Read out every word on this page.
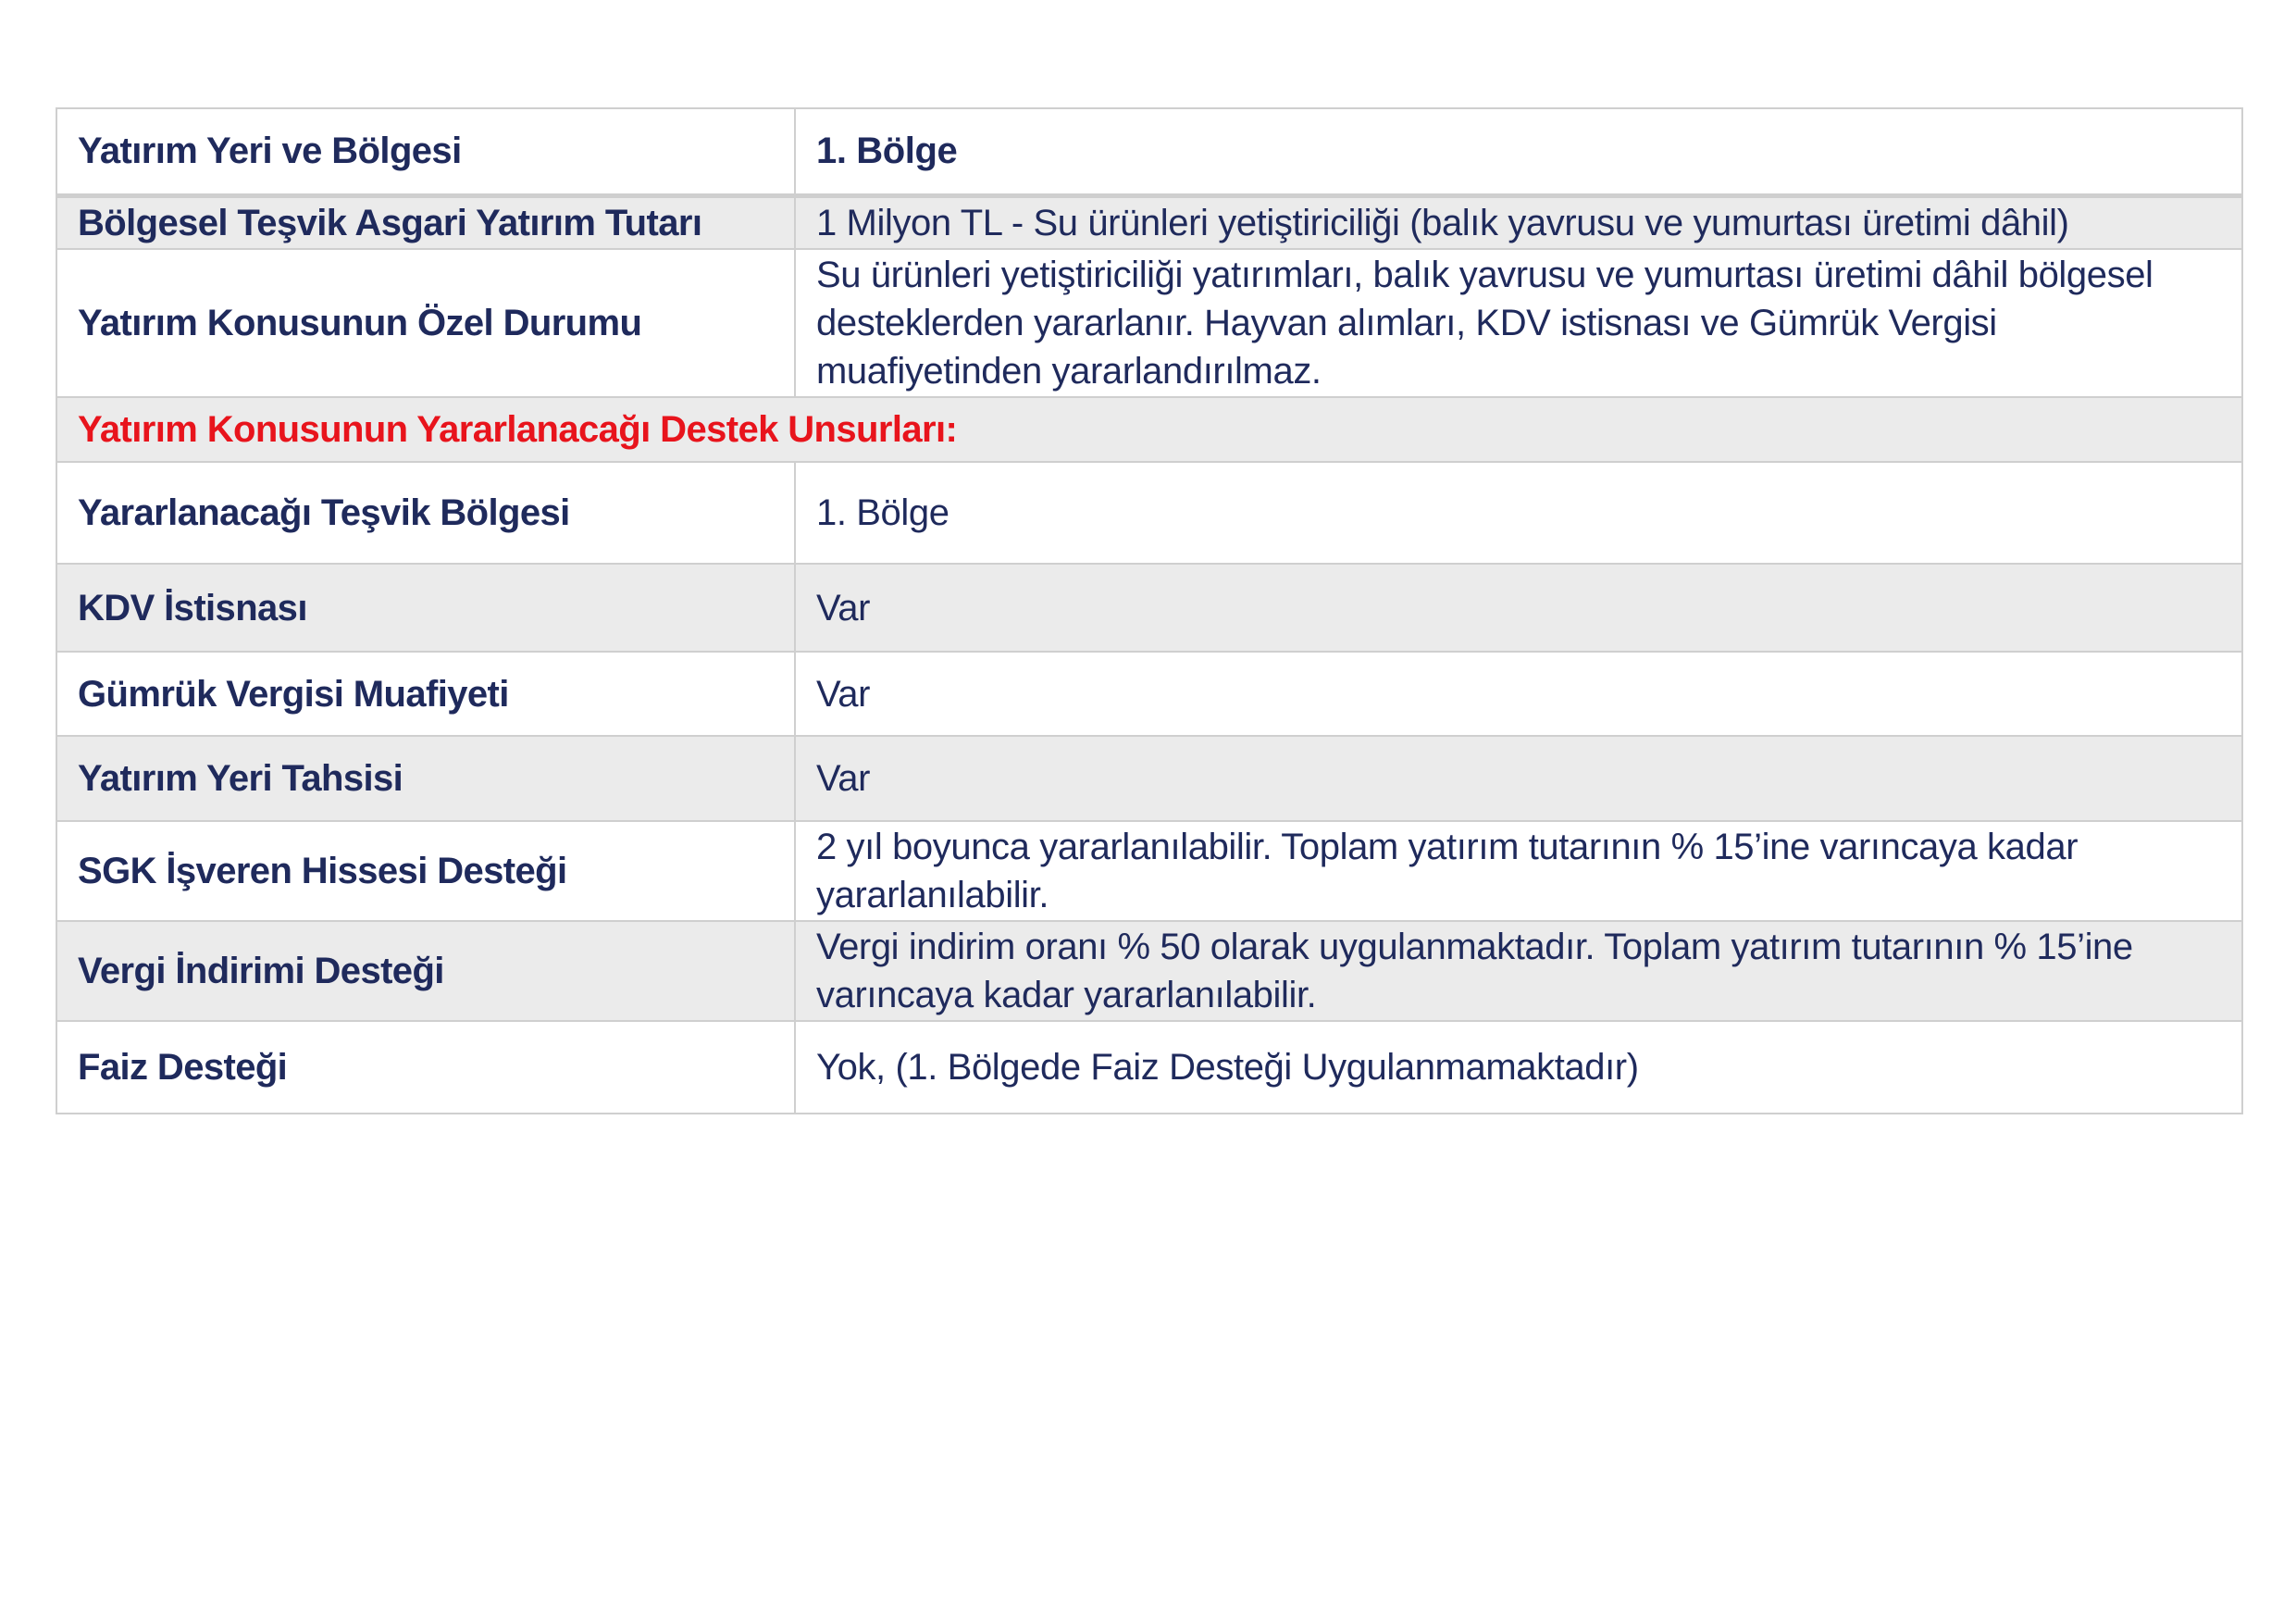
Yatırım Yeri ve Bölgesi	1. Bölge
Bölgesel Teşvik Asgari Yatırım Tutarı	1 Milyon TL - Su ürünleri yetiştiriciliği (balık yavrusu ve yumurtası üretimi dâhil)
Yatırım Konusunun Özel Durumu	Su ürünleri yetiştiriciliği yatırımları, balık yavrusu ve yumurtası üretimi dâhil bölgesel desteklerden yararlanır. Hayvan alımları, KDV istisnası ve Gümrük Vergisi muafiyetinden yararlandırılmaz.
Yatırım Konusunun Yararlanacağı Destek Unsurları:	
Yararlanacağı Teşvik Bölgesi	1. Bölge
KDV İstisnası	Var
Gümrük Vergisi Muafiyeti	Var
Yatırım Yeri Tahsisi	Var
SGK İşveren Hissesi Desteği	2 yıl boyunca yararlanılabilir. Toplam yatırım tutarının % 15’ine varıncaya kadar yararlanılabilir.
Vergi İndirimi Desteği	Vergi indirim oranı % 50 olarak uygulanmaktadır. Toplam yatırım tutarının % 15’ine varıncaya kadar yararlanılabilir.
Faiz Desteği	Yok, (1. Bölgede Faiz Desteği Uygulanmamaktadır)
